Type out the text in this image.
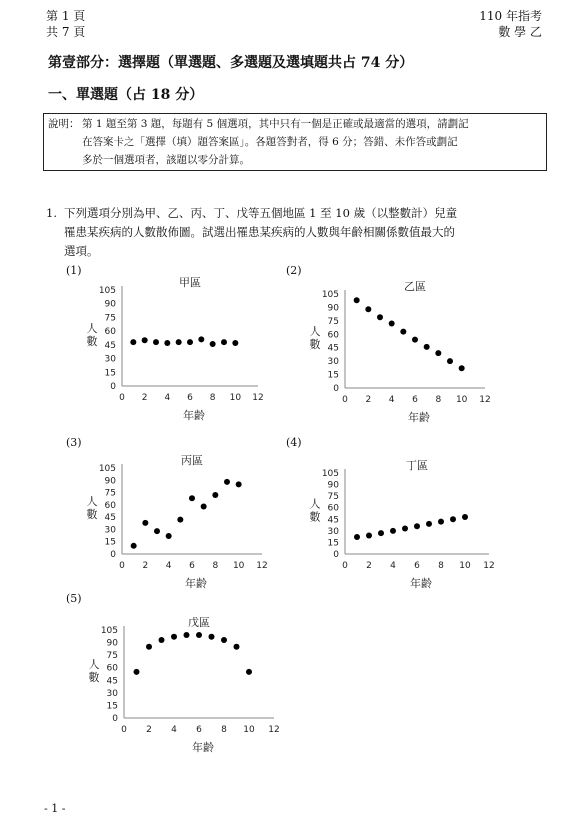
第 1 頁
共 7 頁
110 年指考
數 學 乙
第壹部分：選擇題（單選題、多選題及選填題共占 74 分）
一、單選題（占 18 分）
說明： 第 1 題至第 3 題，每題有 5 個選項，其中只有一個是正確或最適當的選項，請劃記
在答案卡之「選擇（填）題答案區」。各題答對者，得 6 分；答錯、未作答或劃記
多於一個選項者，該題以零分計算。
1. 下列選項分別為甲、乙、丙、丁、戊等五個地區 1 至 10 歲（以整數計）兒童
罹患某疾病的人數散佈圖。試選出罹患某疾病的人數與年齡相關係數值最大的
選項。
(1)	(2)
(3)	(4)
(5)
0
15
30
45
60
75
90
105
0 2 4 6 8 10 12
甲區
年齡
人數
0
15
30
45
60
75
90
105
0 2 4 6 8 10 12
乙區
年齡
人數
0
15
30
45
60
75
90
105
0 2 4 6 8 10 12
丙區
年齡
人數
0
15
30
45
60
75
90
105
0 2 4 6 8 10 12
丁區
年齡
人數
0
15
30
45
60
75
90
105
0 2 4 6 8 10 12
戊區
年齡
人數
- 1 -
